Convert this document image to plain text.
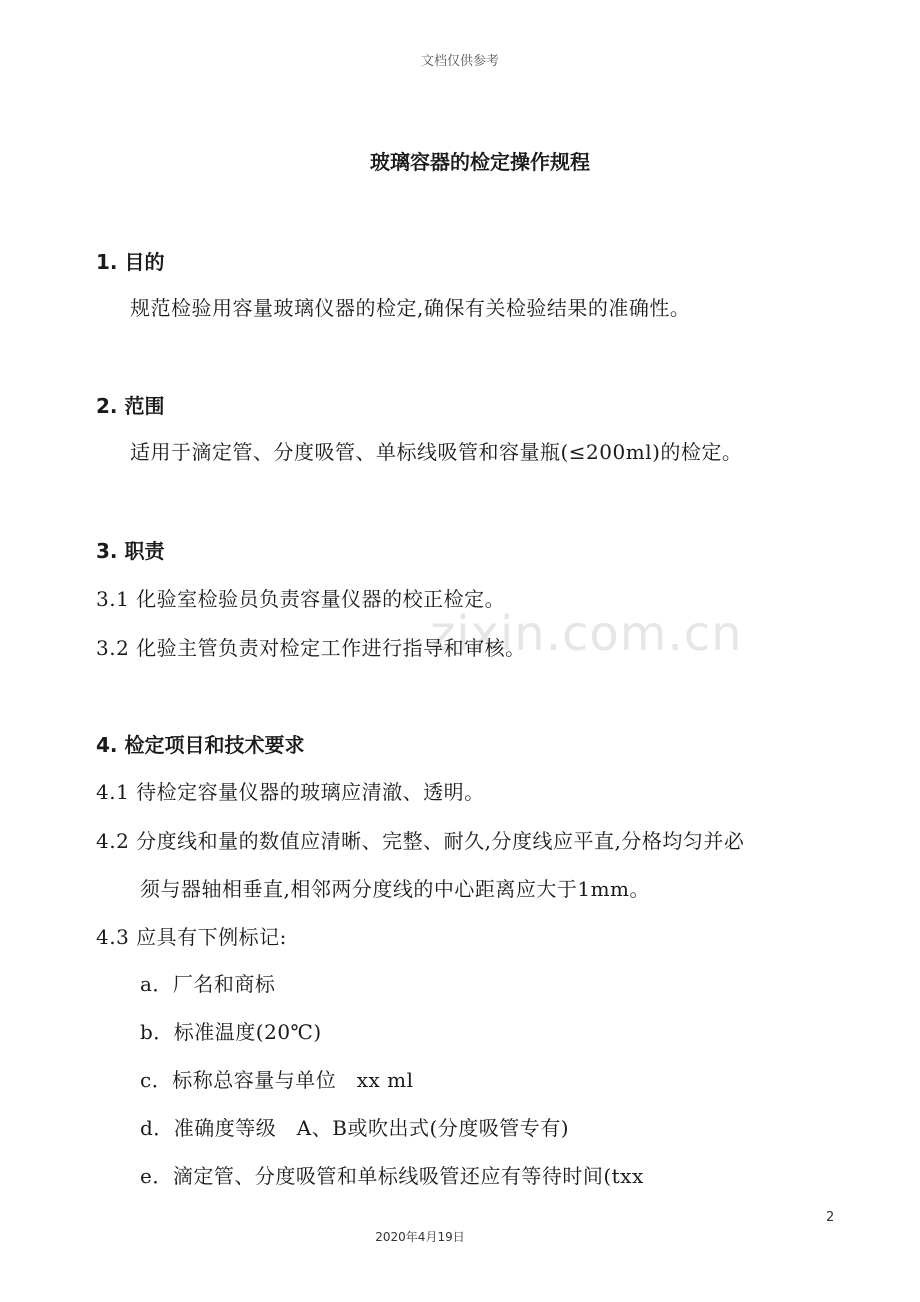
文档仅供参考
玻璃容器的检定操作规程
zixin.com.cn
1. 目的
规范检验用容量玻璃仪器的检定,确保有关检验结果的准确性。
2. 范围
适用于滴定管、分度吸管、单标线吸管和容量瓶(≤200ml)的检定。
3. 职责
3.1 化验室检验员负责容量仪器的校正检定。
3.2 化验主管负责对检定工作进行指导和审核。
4. 检定项目和技术要求
4.1 待检定容量仪器的玻璃应清澈、透明。
4.2 分度线和量的数值应清晰、完整、耐久,分度线应平直,分格均匀并必
须与器轴相垂直,相邻两分度线的中心距离应大于1mm。
4.3 应具有下例标记:
a．厂名和商标
b．标准温度(20℃)
c．标称总容量与单位　xx ml
d．准确度等级　A、B或吹出式(分度吸管专有)
e．滴定管、分度吸管和单标线吸管还应有等待时间(txx
2
2020年4月19日
